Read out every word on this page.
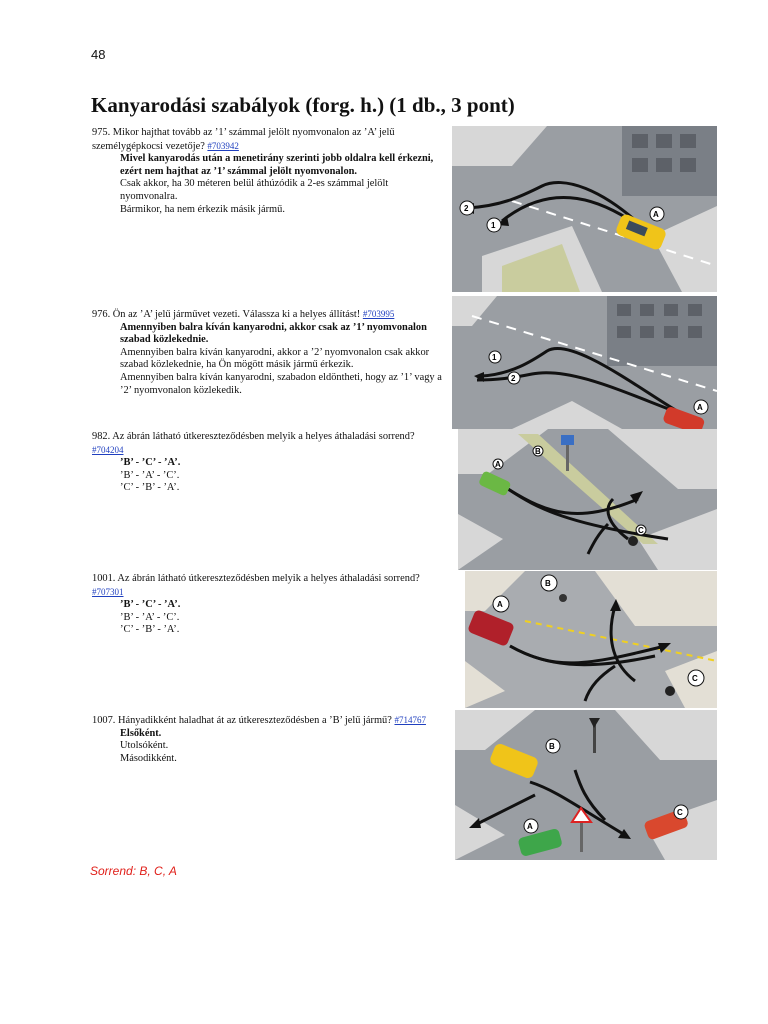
48
Kanyarodási szabályok (forg. h.) (1 db., 3 pont)

975. Mikor hajthat tovább az ’1’ számmal jelölt nyomvonalon az ’A’ jelű személygépkocsi vezetője? #703942

Mivel kanyarodás után a menetirány szerinti jobb oldalra kell érkezni, ezért nem hajthat az ’1’ számmal jelölt nyomvonalon.

Csak akkor, ha 30 méteren belül áthúzódik a 2-es számmal jelölt nyomvonalra.

Bármikor, ha nem érkezik másik jármű.	2
1
A

976. Ön az ’A’ jelű járművet vezeti. Válassza ki a helyes állítást! #703995

Amennyiben balra kíván kanyarodni, akkor csak az ’1’ nyomvonalon szabad közlekednie.

Amennyiben balra kíván kanyarodni, akkor a ’2’ nyomvonalon csak akkor szabad közlekednie, ha Ön mögött másik jármű érkezik.

Amennyiben balra kíván kanyarodni, szabadon eldöntheti, hogy az ’1’ vagy a ’2’ nyomvonalon közlekedik.

1
2
A

982. Az ábrán látható útkereszteződésben melyik a helyes áthaladási sorrend? #704204

’B’ - ’C’ - ’A’.

’B’ - ’A’ - ’C’.

’C’ - ’B’ - ’A’.

B
A
C

1001. Az ábrán látható útkereszteződésben melyik a helyes áthaladási sorrend? #707301

’B’ - ’C’ - ’A’.

’B’ - ’A’ - ’C’.

’C’ - ’B’ - ’A’.

A
B
C

1007. Hányadikként haladhat át az útkereszteződésben a ’B’ jelű jármű? #714767

Elsőként.

Utolsóként.

Másodikként.

B
A
C
Sorrend: B, C, A
